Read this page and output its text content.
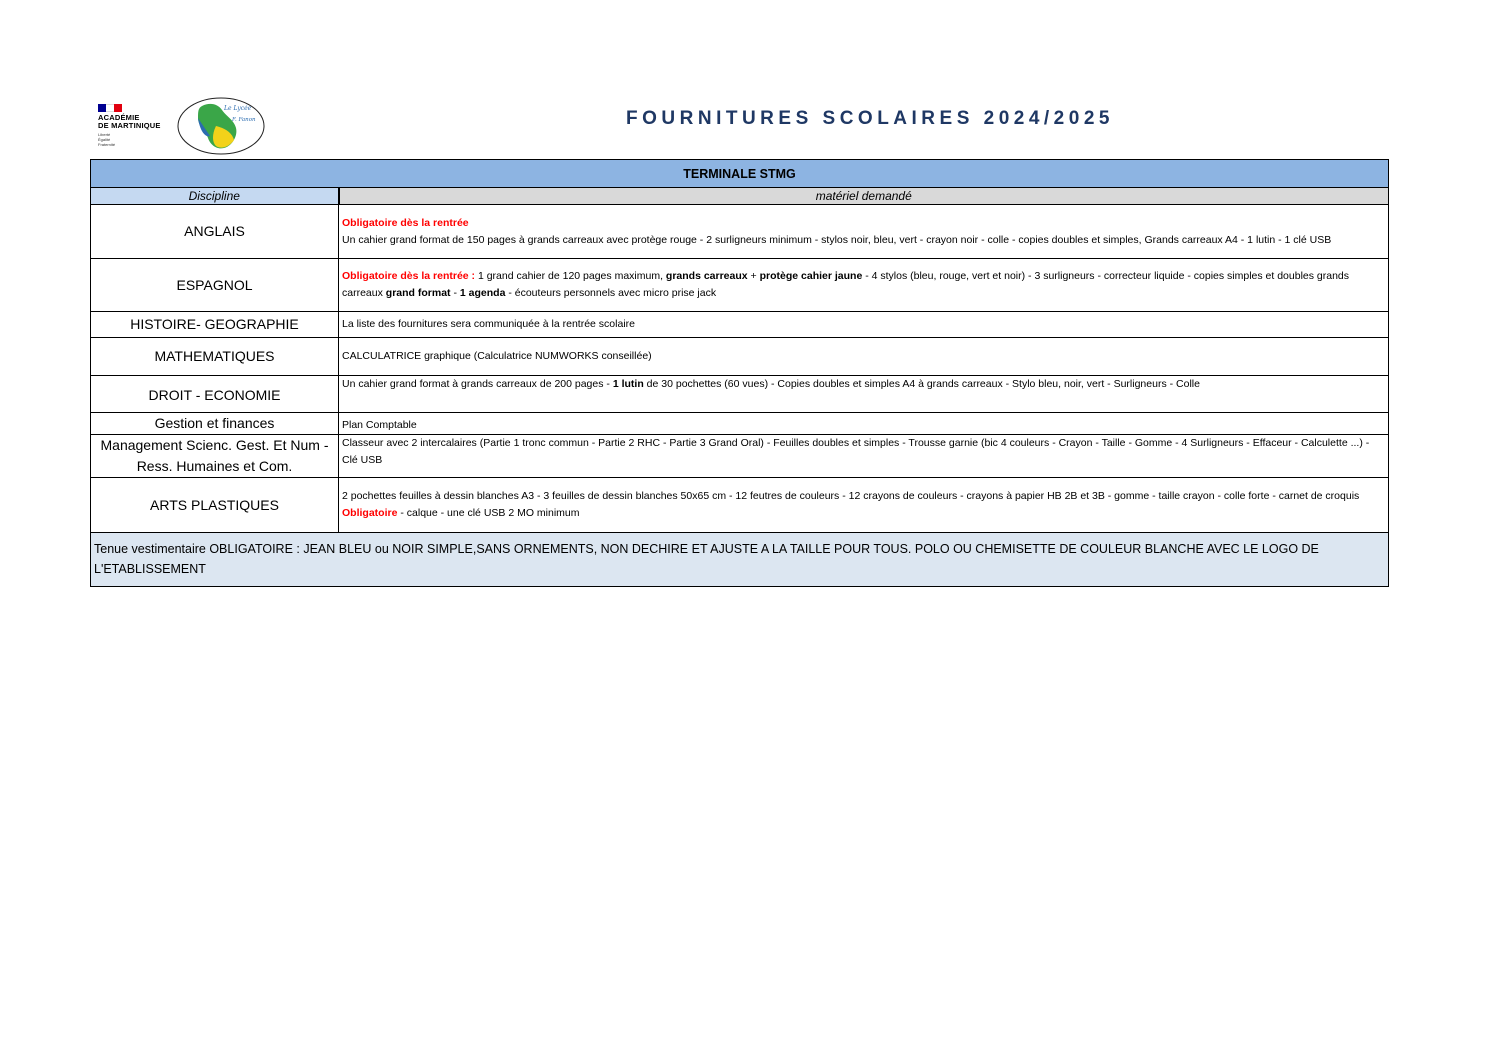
ACADÉMIE
DE MARTINIQUE
Liberté
Égalité
Fraternité
Le Lycée
F. Fanon	FOURNITURES SCOLAIRES 2024/2025
TERMINALE STMG	
Discipline	matériel demandé
ANGLAIS	Obligatoire dès la rentrée
Un cahier grand format de 150 pages à grands carreaux avec protège rouge - 2 surligneurs minimum - stylos noir, bleu, vert - crayon noir - colle - copies doubles et simples, Grands carreaux A4 - 1 lutin - 1 clé USB

ESPAGNOL	Obligatoire dès la rentrée : 1 grand cahier de 120 pages maximum, grands carreaux + protège cahier jaune - 4 stylos (bleu, rouge, vert et noir) - 3 surligneurs - correcteur liquide - copies simples et doubles grands carreaux grand format - 1 agenda - écouteurs personnels avec micro prise jack
HISTOIRE- GEOGRAPHIE	La liste des fournitures sera communiquée à la rentrée scolaire
MATHEMATIQUES	CALCULATRICE graphique (Calculatrice NUMWORKS conseillée)
DROIT - ECONOMIE	Un cahier grand format à grands carreaux de 200 pages - 1 lutin de 30 pochettes (60 vues) - Copies doubles et simples A4 à grands carreaux - Stylo bleu, noir, vert - Surligneurs - Colle
Gestion et finances	Plan Comptable
Management Scienc. Gest. Et Num - Ress. Humaines et Com.	Classeur avec 2 intercalaires (Partie 1 tronc commun - Partie 2 RHC - Partie 3 Grand Oral) - Feuilles doubles et simples - Trousse garnie (bic 4 couleurs - Crayon - Taille - Gomme - 4 Surligneurs - Effaceur - Calculette ...) - Clé USB
ARTS PLASTIQUES	2 pochettes feuilles à dessin blanches A3 - 3 feuilles de dessin blanches 50x65 cm - 12 feutres de couleurs - 12 crayons de couleurs - crayons à papier HB 2B et 3B - gomme - taille crayon - colle forte - carnet de croquis Obligatoire - calque - une clé USB 2 MO minimum
Tenue vestimentaire OBLIGATOIRE : JEAN BLEU ou NOIR SIMPLE,SANS ORNEMENTS, NON DECHIRE ET AJUSTE A LA TAILLE POUR TOUS. POLO OU CHEMISETTE DE COULEUR BLANCHE AVEC LE LOGO DE L'ETABLISSEMENT	
